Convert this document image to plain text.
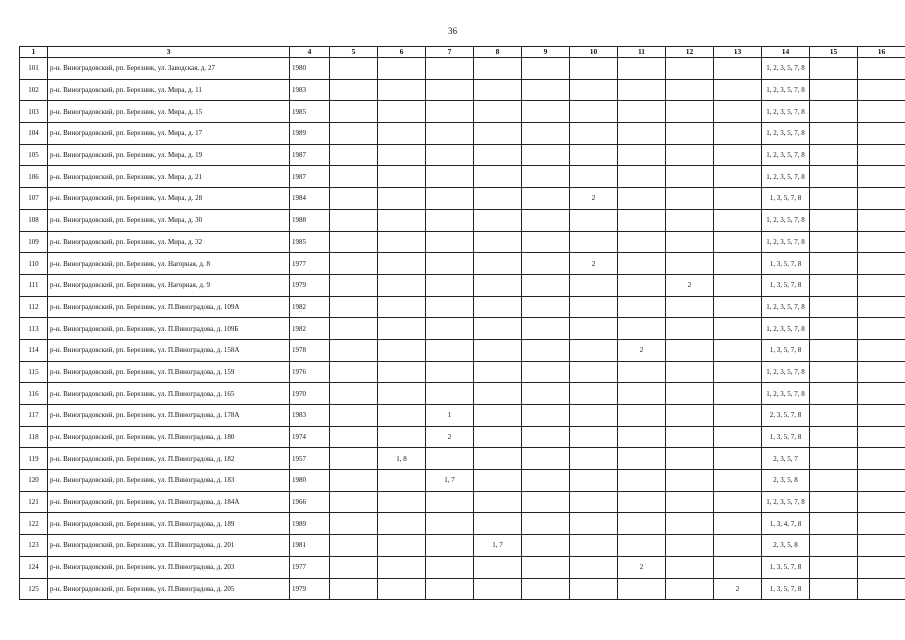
36
1	3	4	5	6	7	8	9	10	11	12	13	14	15	16
101	р-н. Виноградовский, рп. Березник, ул. Заводская, д. 27	1980										1, 2, 3, 5, 7, 8		
102	р-н. Виноградовский, рп. Березник, ул. Мира, д. 11	1983										1, 2, 3, 5, 7, 8		
103	р-н. Виноградовский, рп. Березник, ул. Мира, д. 15	1985										1, 2, 3, 5, 7, 8		
104	р-н. Виноградовский, рп. Березник, ул. Мира, д. 17	1989										1, 2, 3, 5, 7, 8		
105	р-н. Виноградовский, рп. Березник, ул. Мира, д. 19	1987										1, 2, 3, 5, 7, 8		
106	р-н. Виноградовский, рп. Березник, ул. Мира, д. 21	1987										1, 2, 3, 5, 7, 8		
107	р-н. Виноградовский, рп. Березник, ул. Мира, д. 28	1984						2				1, 3, 5, 7, 8		
108	р-н. Виноградовский, рп. Березник, ул. Мира, д. 30	1988										1, 2, 3, 5, 7, 8		
109	р-н. Виноградовский, рп. Березник, ул. Мира, д. 32	1985										1, 2, 3, 5, 7, 8		
110	р-н. Виноградовский, рп. Березник, ул. Нагорная, д. 8	1977						2				1, 3, 5, 7, 8		
111	р-н. Виноградовский, рп. Березник, ул. Нагорная, д. 9	1979								2		1, 3, 5, 7, 8		
112	р-н. Виноградовский, рп. Березник, ул. П.Виноградова, д. 109А	1982										1, 2, 3, 5, 7, 8		
113	р-н. Виноградовский, рп. Березник, ул. П.Виноградова, д. 109Б	1982										1, 2, 3, 5, 7, 8		
114	р-н. Виноградовский, рп. Березник, ул. П.Виноградова, д. 158А	1978							2			1, 3, 5, 7, 8		
115	р-н. Виноградовский, рп. Березник, ул. П.Виноградова, д. 159	1976										1, 2, 3, 5, 7, 8		
116	р-н. Виноградовский, рп. Березник, ул. П.Виноградова, д. 165	1970										1, 2, 3, 5, 7, 8		
117	р-н. Виноградовский, рп. Березник, ул. П.Виноградова, д. 178А	1983			1							2, 3, 5, 7, 8		
118	р-н. Виноградовский, рп. Березник, ул. П.Виноградова, д. 180	1974			2							1, 3, 5, 7, 8		
119	р-н. Виноградовский, рп. Березник, ул. П.Виноградова, д. 182	1957		1, 8								2, 3, 5, 7		
120	р-н. Виноградовский, рп. Березник, ул. П.Виноградова, д. 183	1980			1, 7							2, 3, 5, 8		
121	р-н. Виноградовский, рп. Березник, ул. П.Виноградова, д. 184А	1966										1, 2, 3, 5, 7, 8		
122	р-н. Виноградовский, рп. Березник, ул. П.Виноградова, д. 189	1989										1, 3, 4, 7, 8		
123	р-н. Виноградовский, рп. Березник, ул. П.Виноградова, д. 201	1981				1, 7						2, 3, 5, 8		
124	р-н. Виноградовский, рп. Березник, ул. П.Виноградова, д. 203	1977							2			1, 3, 5, 7, 8		
125	р-н. Виноградовский, рп. Березник, ул. П.Виноградова, д. 205	1979									2	1, 3, 5, 7, 8		
